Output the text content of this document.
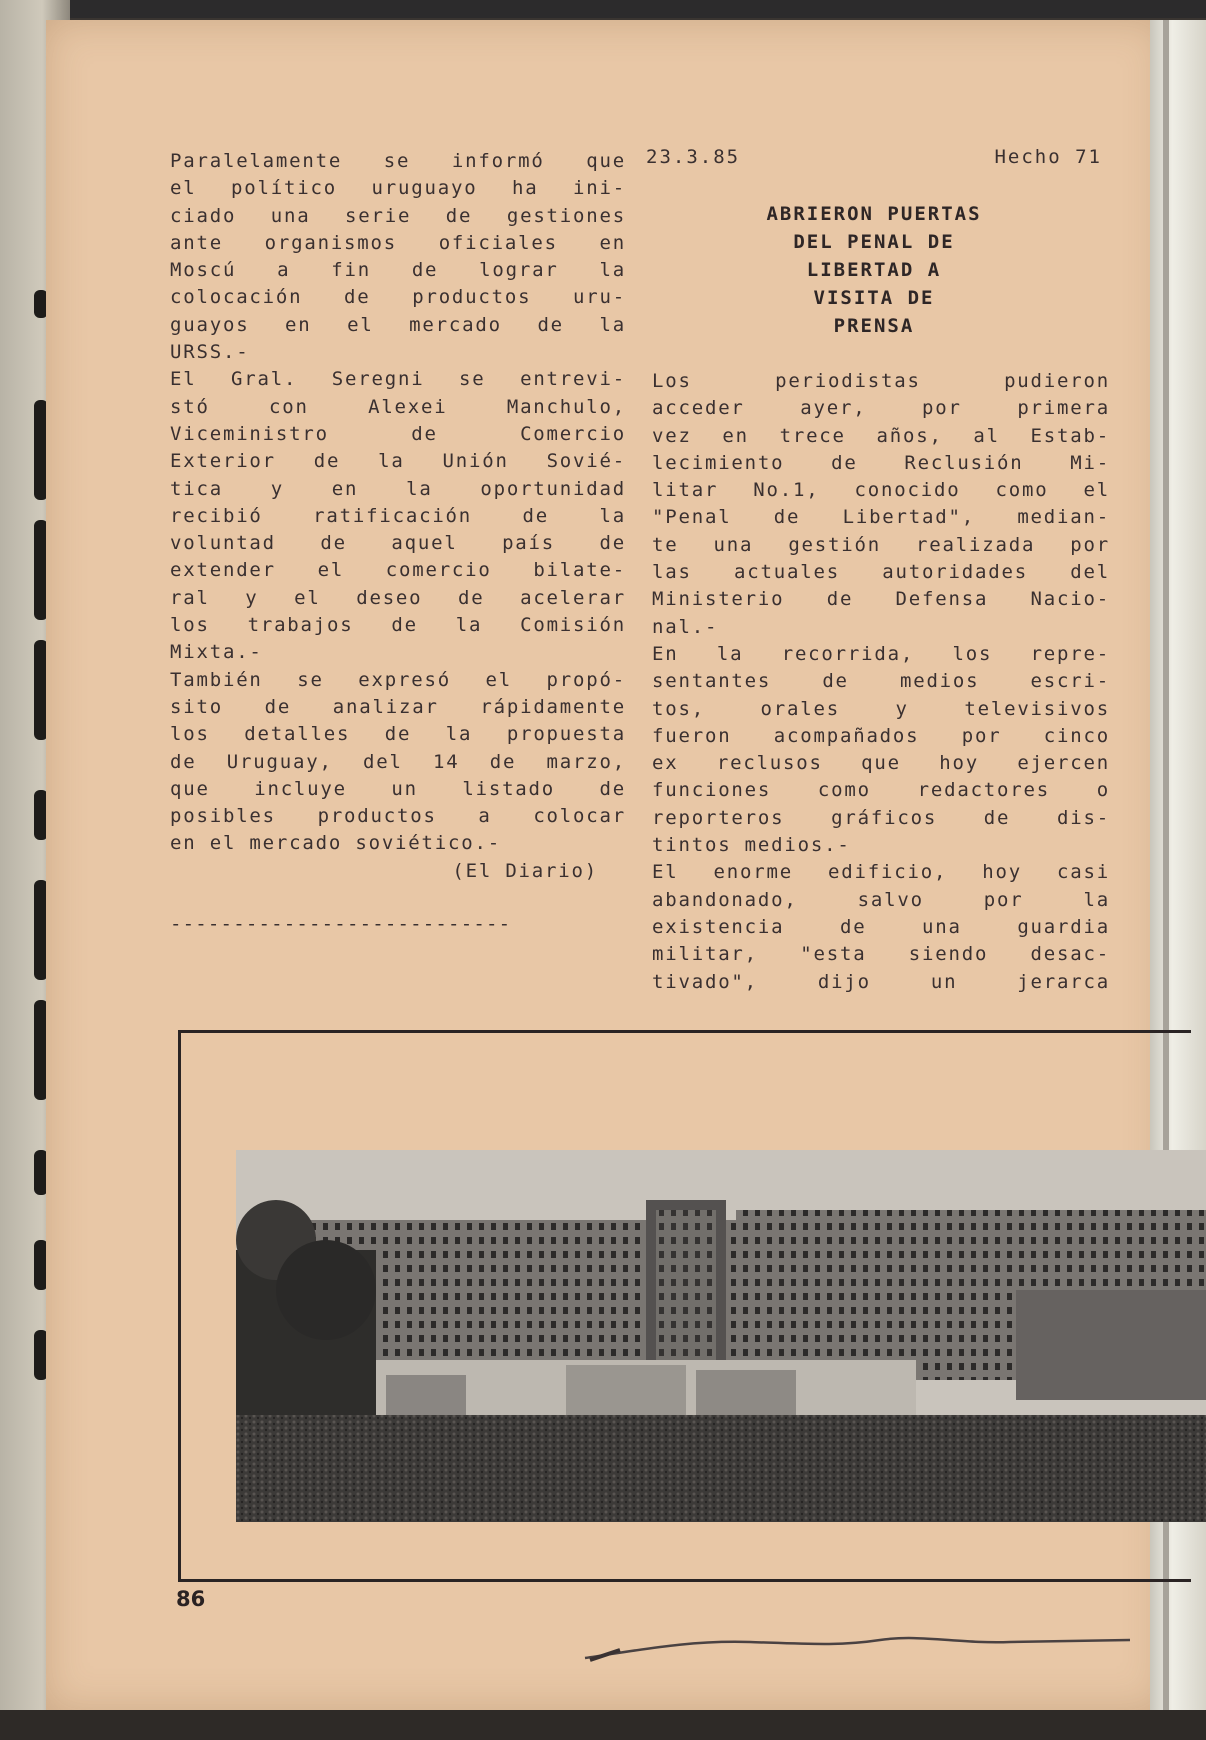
Paralelamente se informó que
el político uruguayo ha ini-
ciado una serie de gestiones
ante organismos oficiales en
Moscú a fin de lograr la
colocación de productos uru-
guayos en el mercado de la
URSS.-
El Gral. Seregni se entrevi-
stó con Alexei Manchulo,
Viceministro de Comercio
Exterior de la Unión Sovié-
tica y en la oportunidad
recibió ratificación de la
voluntad de aquel país de
extender el comercio bilate-
ral y el deseo de acelerar
los trabajos de la Comisión
Mixta.-
También se expresó el propó-
sito de analizar rápidamente
los detalles de la propuesta
de Uruguay, del 14 de marzo,
que incluye un listado de
posibles productos a colocar
en el mercado soviético.-
(El Diario)
---------------------------
23.3.85	Hecho 71
ABRIERON PUERTAS
DEL PENAL DE
LIBERTAD A
VISITA DE
PRENSA
Los periodistas pudieron
acceder ayer, por primera
vez en trece años, al Estab-
lecimiento de Reclusión Mi-
litar No.1, conocido como el
"Penal de Libertad", median-
te una gestión realizada por
las actuales autoridades del
Ministerio de Defensa Nacio-
nal.-
En la recorrida, los repre-
sentantes de medios escri-
tos, orales y televisivos
fueron acompañados por cinco
ex reclusos que hoy ejercen
funciones como redactores o
reporteros gráficos de dis-
tintos medios.-
El enorme edificio, hoy casi
abandonado, salvo por la
existencia de una guardia
militar, "esta siendo desac-
tivado", dijo un jerarca
86
